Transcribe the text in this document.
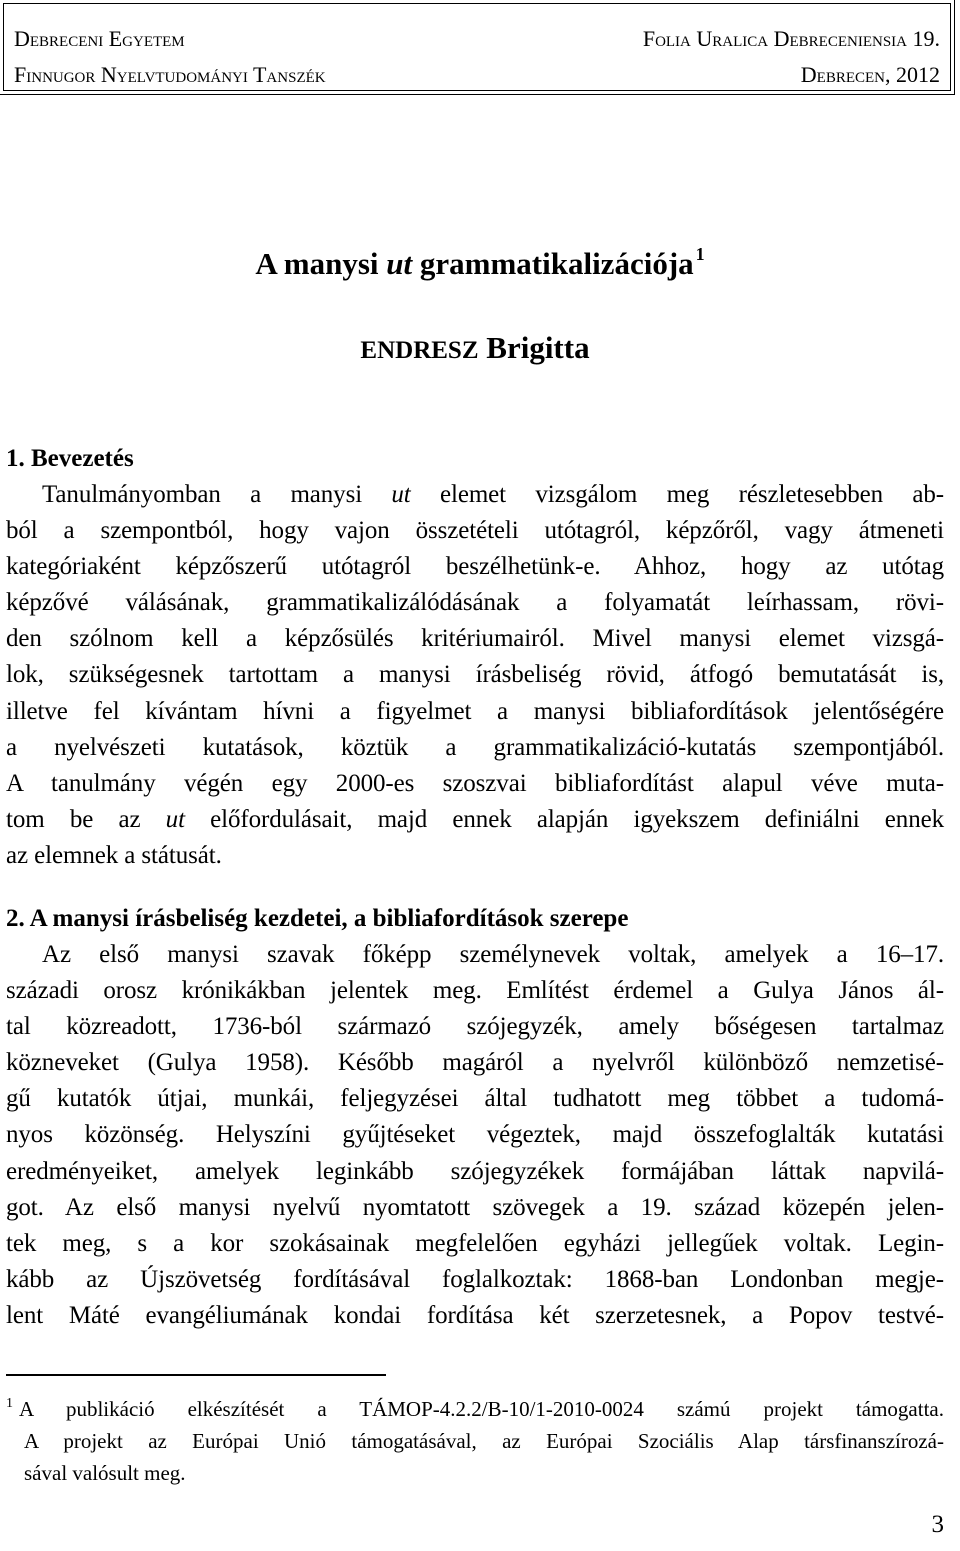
Debreceni Egyetem	Folia Uralica Debreceniensia 19.
Finnugor Nyelvtudományi Tanszék	Debrecen, 2012
A manysi ut grammatikalizációja $^1$
ENDRESZ Brigitta
1. Bevezetés
Tanulmányomban a manysi ut elemet vizsgálom meg részletesebben ab-
ból a szempontból, hogy vajon összetételi utótagról, képzőről, vagy átmeneti
kategóriaként képzőszerű utótagról beszélhetünk-e. Ahhoz, hogy az utótag
képzővé válásának, grammatikalizálódásának a folyamatát leírhassam, rövi-
den szólnom kell a képzősülés kritériumairól. Mivel manysi elemet vizsgá-
lok, szükségesnek tartottam a manysi írásbeliség rövid, átfogó bemutatását is,
illetve fel kívántam hívni a figyelmet a manysi bibliafordítások jelentőségére
a nyelvészeti kutatások, köztük a grammatikalizáció-kutatás szempontjából.
A tanulmány végén egy 2000-es szoszvai bibliafordítást alapul véve muta-
tom be az ut előfordulásait, majd ennek alapján igyekszem definiálni ennek
az elemnek a státusát.
2. A manysi írásbeliség kezdetei, a bibliafordítások szerepe
Az első manysi szavak főképp személynevek voltak, amelyek a 16–17.
századi orosz krónikákban jelentek meg. Említést érdemel a Gulya János ál-
tal közreadott, 1736-ból származó szójegyzék, amely bőségesen tartalmaz
közneveket (Gulya 1958). Később magáról a nyelvről különböző nemzetisé-
gű kutatók útjai, munkái, feljegyzései által tudhatott meg többet a tudomá-
nyos közönség. Helyszíni gyűjtéseket végeztek, majd összefoglalták kutatási
eredményeiket, amelyek leginkább szójegyzékek formájában láttak napvilá-
got. Az első manysi nyelvű nyomtatott szövegek a 19. század közepén jelen-
tek meg, s a kor szokásainak megfelelően egyházi jellegűek voltak. Legin-
kább az Újszövetség fordításával foglalkoztak: 1868-ban Londonban megje-
lent Máté evangéliumának kondai fordítása két szerzetesnek, a Popov testvé-
$^1$ A publikáció elkészítését a TÁMOP-4.2.2/B-10/1-2010-0024 számú projekt támogatta.
A projekt az Európai Unió támogatásával, az Európai Szociális Alap társfinanszírozá-
sával valósult meg.
3
